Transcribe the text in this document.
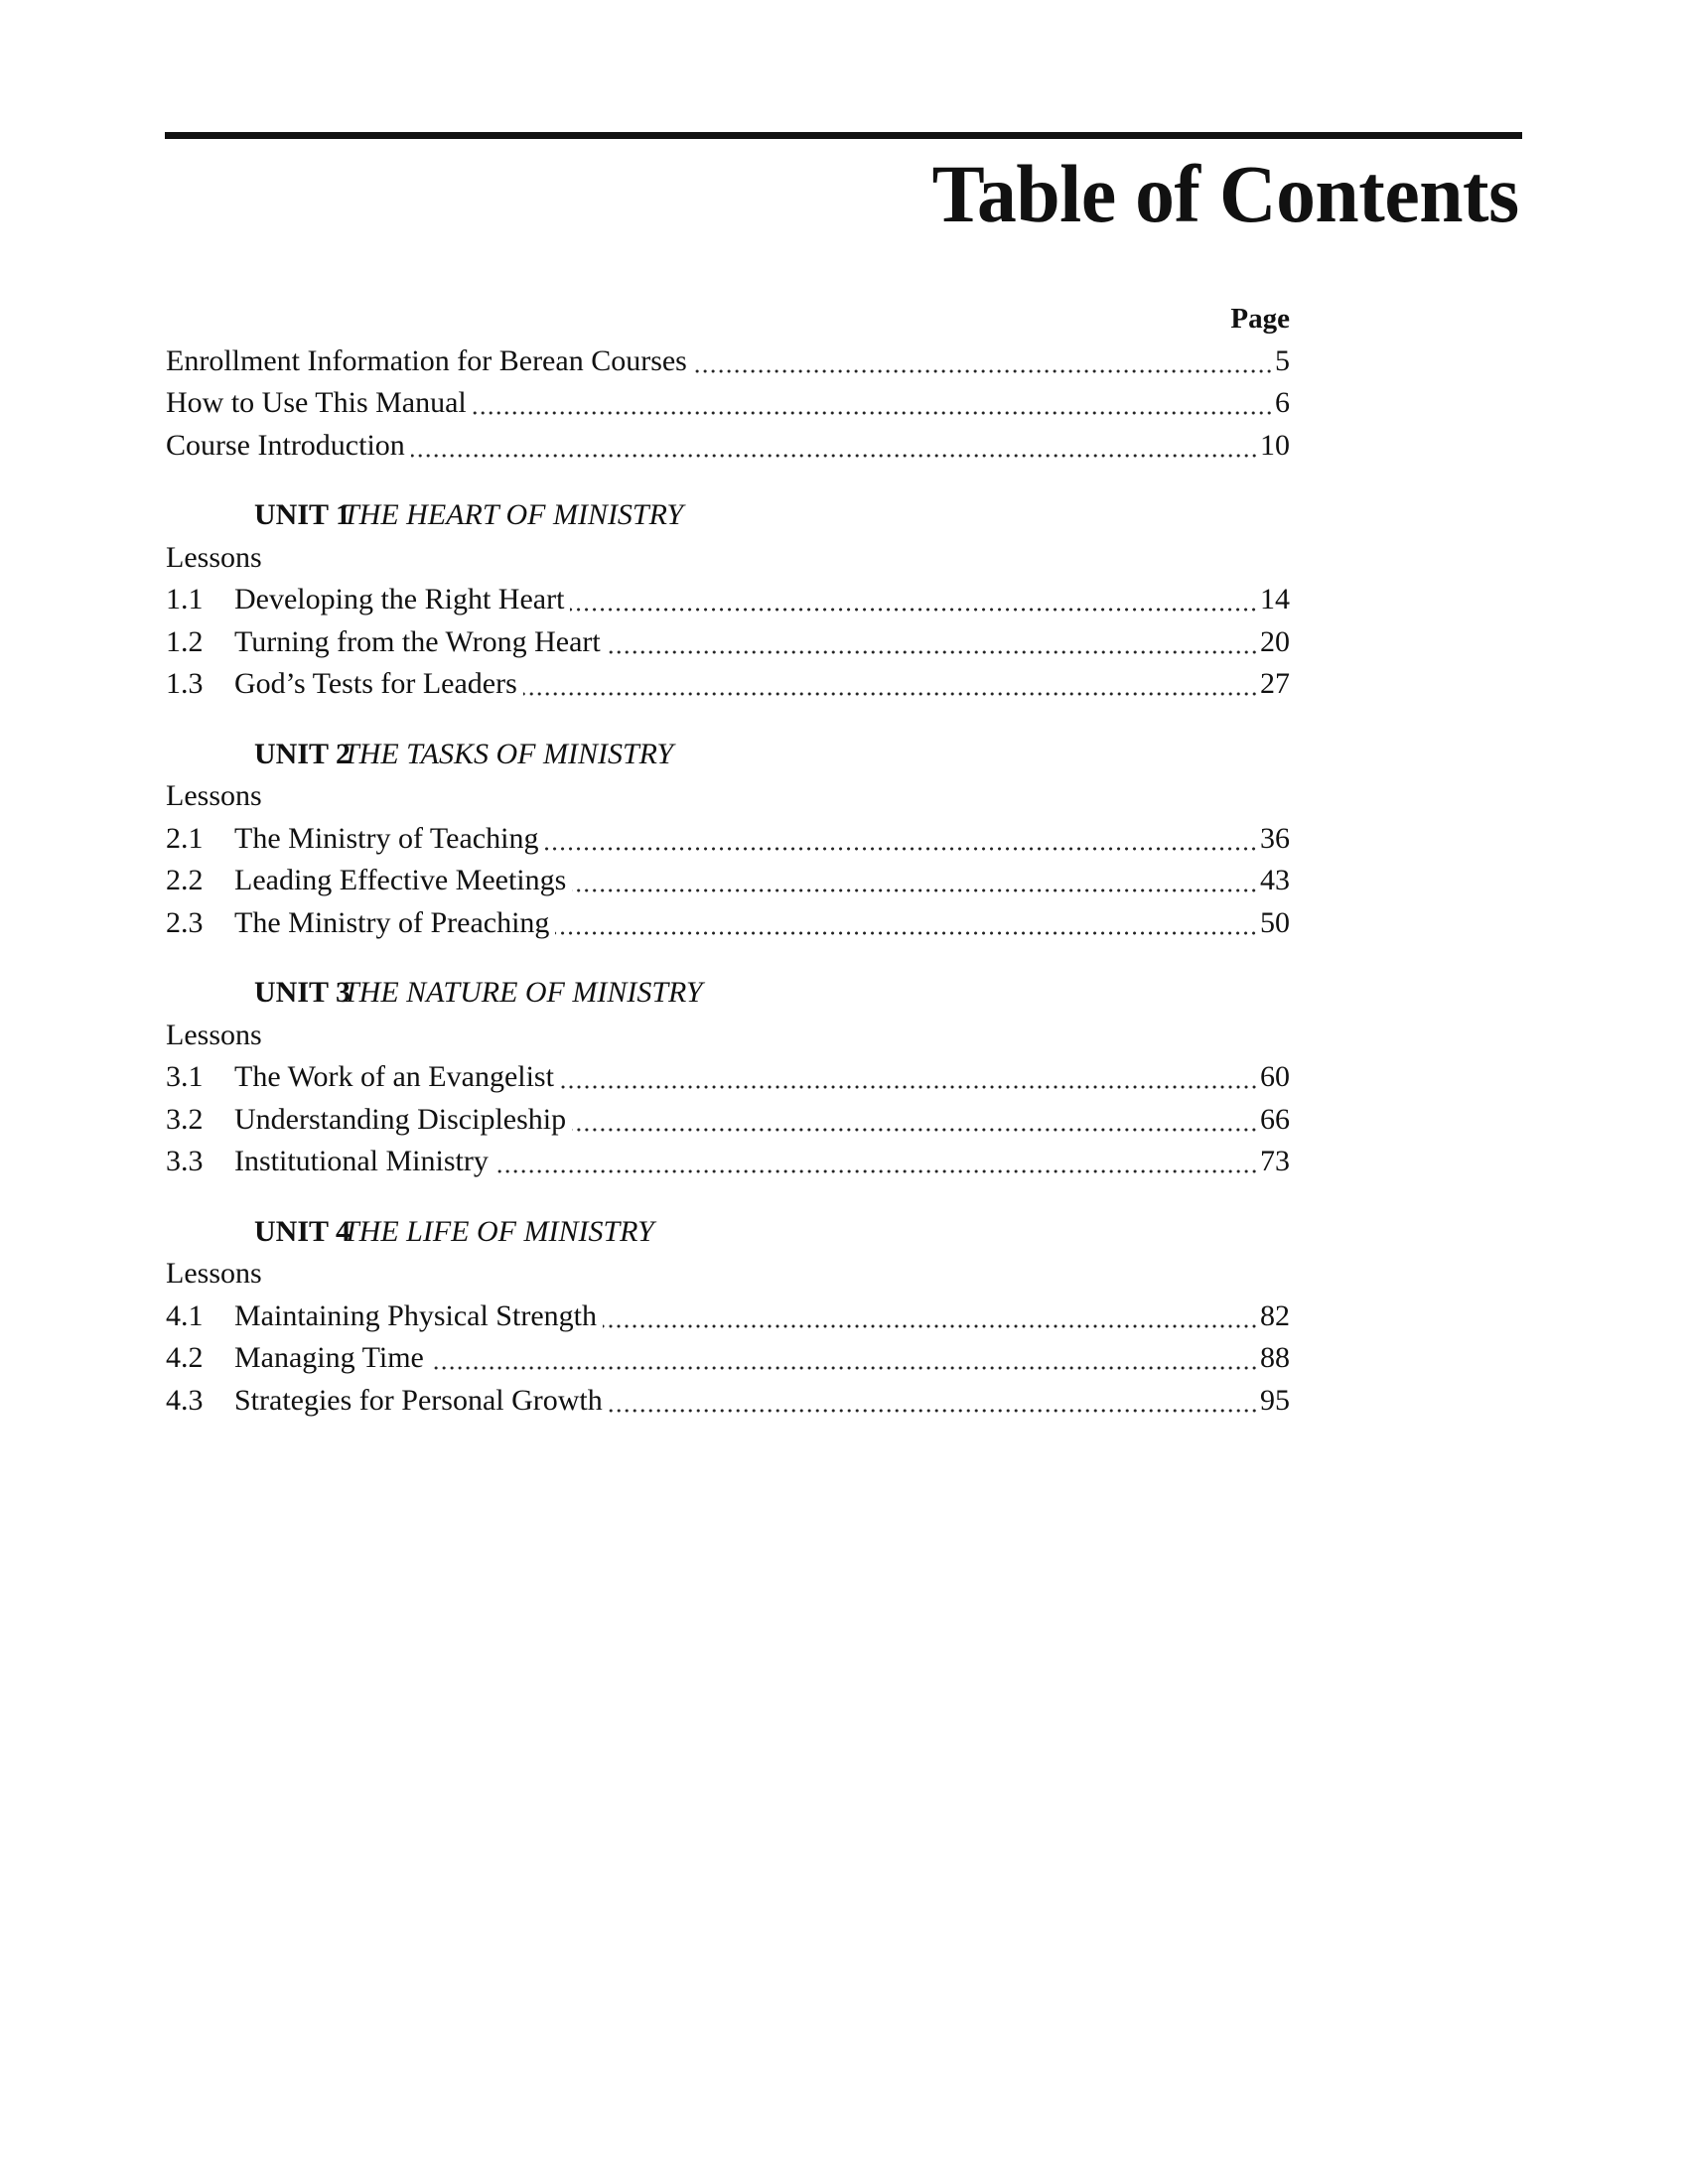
Table of Contents
Page
Enrollment Information for Berean Courses	5
How to Use This Manual	6
Course Introduction	10
UNIT 1
THE HEART OF MINISTRY
Lessons
1.1	Developing the Right Heart	14
1.2	Turning from the Wrong Heart	20
1.3	God’s Tests for Leaders	27
UNIT 2
THE TASKS OF MINISTRY
Lessons
2.1	The Ministry of Teaching	36
2.2	Leading Effective Meetings	43
2.3	The Ministry of Preaching	50
UNIT 3
THE NATURE OF MINISTRY
Lessons
3.1	The Work of an Evangelist	60
3.2	Understanding Discipleship	66
3.3	Institutional Ministry	73
UNIT 4
THE LIFE OF MINISTRY
Lessons
4.1	Maintaining Physical Strength	82
4.2	Managing Time	88
4.3	Strategies for Personal Growth	95
